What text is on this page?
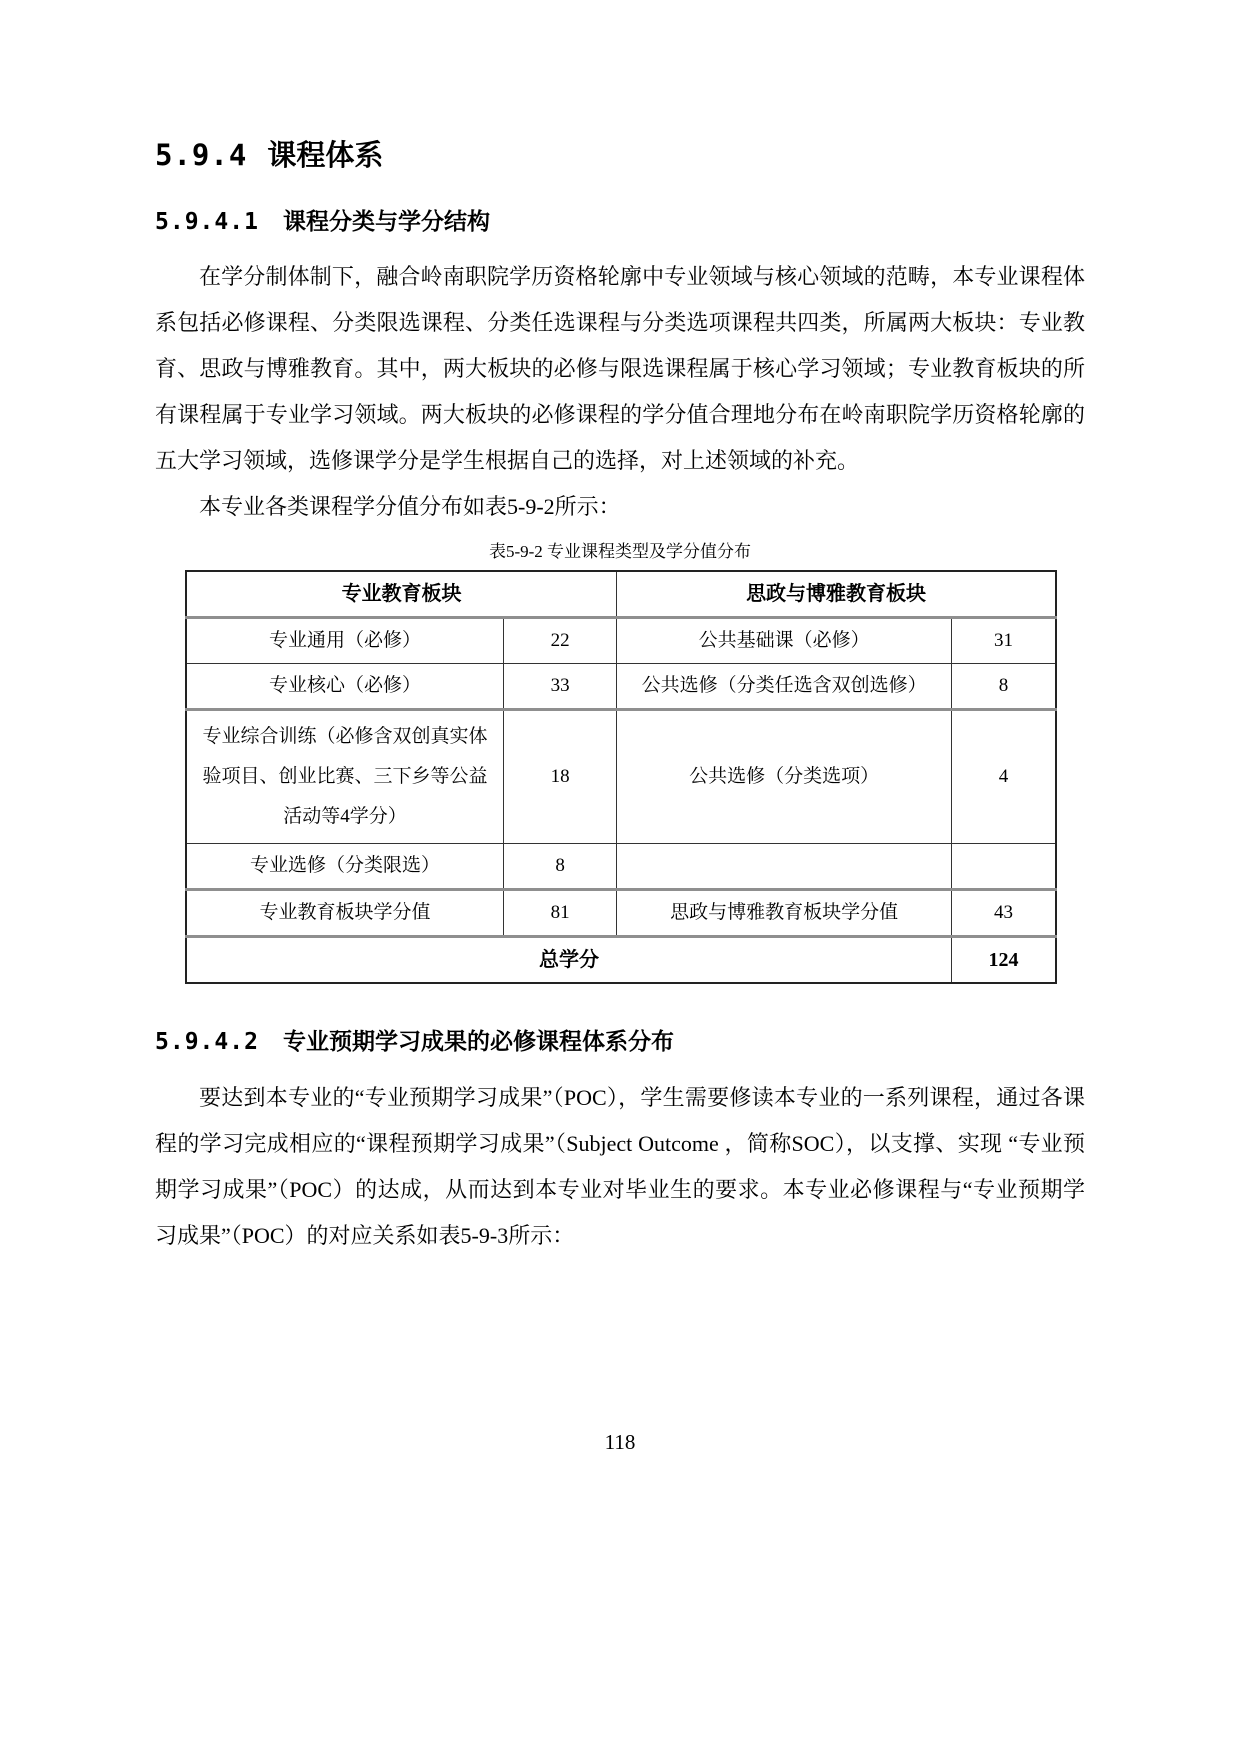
5.9.4 课程体系
5.9.4.1 课程分类与学分结构

在学分制体制下，融合岭南职院学历资格轮廓中专业领域与核心领域的范畴，本专业课程体系包括必修课程、分类限选课程、分类任选课程与分类选项课程共四类，所属两大板块：专业教育、思政与博雅教育。其中，两大板块的必修与限选课程属于核心学习领域；专业教育板块的所有课程属于专业学习领域。两大板块的必修课程的学分值合理地分布在岭南职院学历资格轮廓的五大学习领域，选修课学分是学生根据自己的选择，对上述领域的补充。

本专业各类课程学分值分布如表5-9-2所示：

表5-9-2 专业课程类型及学分值分布
专业教育板块		思政与博雅教育板块	
专业通用（必修）	22	公共基础课（必修）	31
专业核心（必修）	33	公共选修（分类任选含双创选修）	8
专业综合训练（必修含双创真实体验项目、创业比赛、三下乡等公益活动等4学分）	18	公共选修（分类选项）	4
专业选修（分类限选）	8		
专业教育板块学分值	81	思政与博雅教育板块学分值	43
总学分			124
5.9.4.2 专业预期学习成果的必修课程体系分布

要达到本专业的“专业预期学习成果”（POC），学生需要修读本专业的一系列课程，通过各课程的学习完成相应的“课程预期学习成果”（Subject Outcome ，简称SOC），以支撑、实现 “专业预期学习成果”（POC）的达成，从而达到本专业对毕业生的要求。本专业必修课程与“专业预期学习成果”（POC）的对应关系如表5-9-3所示：

118
